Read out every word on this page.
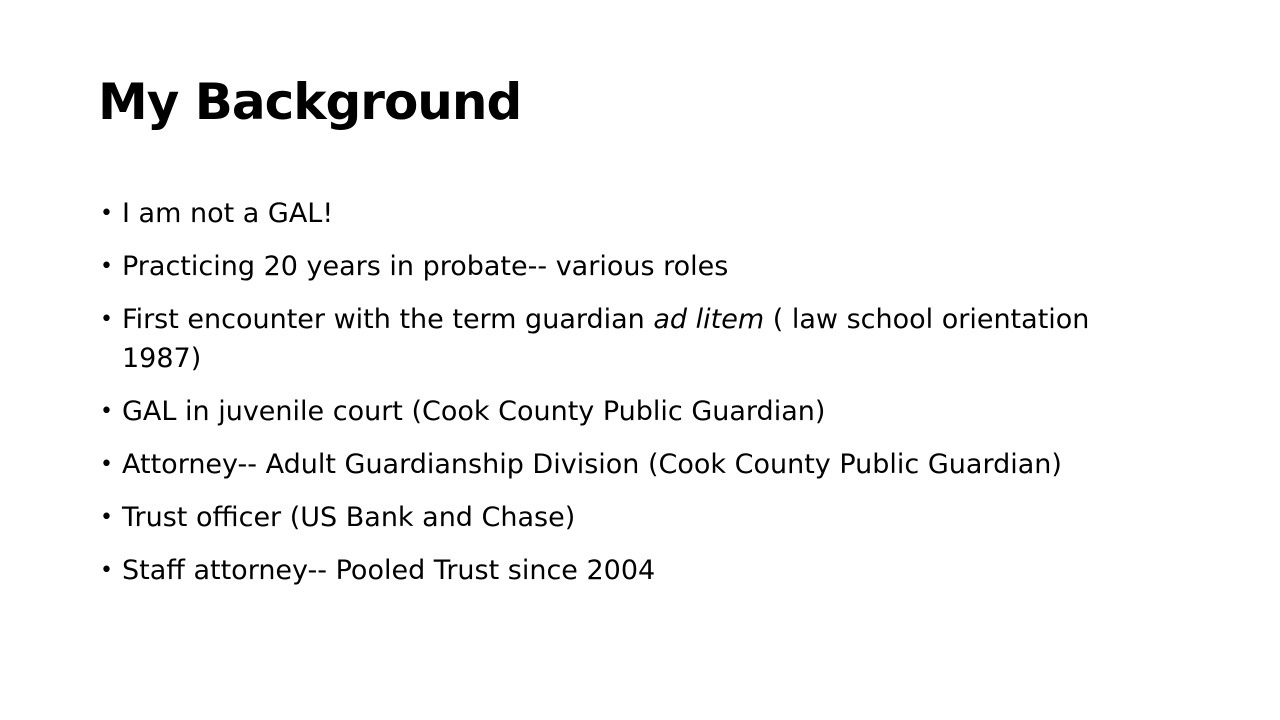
My Background
• I am not a GAL!
• Practicing 20 years in probate-- various roles
• First encounter with the term guardian ad litem ( law school orientation 1987)
• GAL in juvenile court (Cook County Public Guardian)
• Attorney-- Adult Guardianship Division (Cook County Public Guardian)
• Trust officer (US Bank and Chase)
• Staff attorney-- Pooled Trust since 2004
